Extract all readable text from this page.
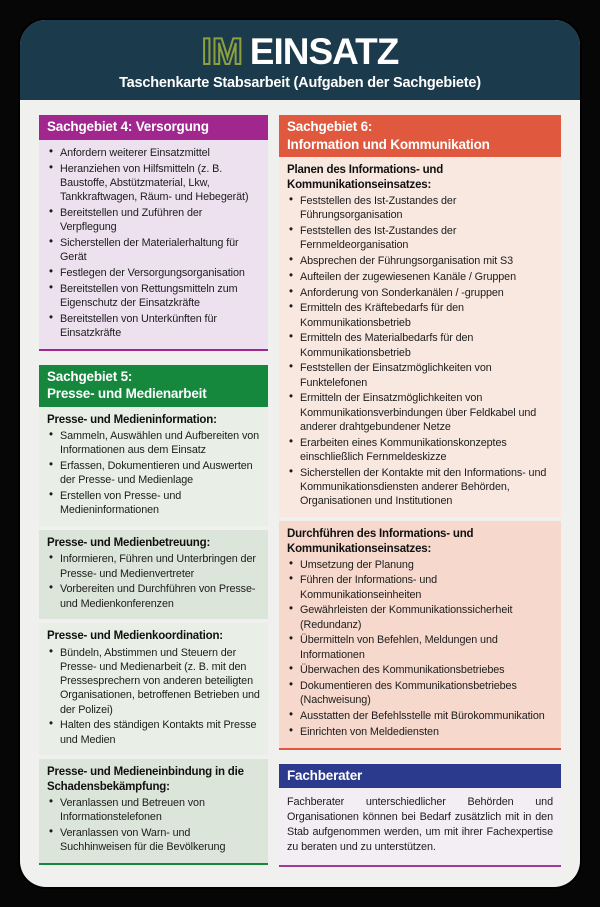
IM EINSATZ
Taschenkarte Stabsarbeit (Aufgaben der Sachgebiete)
Sachgebiet 4: Versorgung
• Anfordern weiterer Einsatzmittel
• Heranziehen von Hilfsmitteln (z. B. Baustoffe, Abstützmaterial, Lkw, Tankkraftwagen, Räum- und Hebegerät)
• Bereitstellen und Zuführen der Verpflegung
• Sicherstellen der Materialerhaltung für Gerät
• Festlegen der Versorgungsorganisation
• Bereitstellen von Rettungsmitteln zum Eigenschutz der Einsatzkräfte
• Bereitstellen von Unterkünften für Einsatzkräfte
Sachgebiet 5:
Presse- und Medienarbeit
Presse- und Medieninformation:
• Sammeln, Auswählen und Aufbereiten von Informationen aus dem Einsatz
• Erfassen, Dokumentieren und Auswerten der Presse- und Medienlage
• Erstellen von Presse- und Medieninformationen
Presse- und Medienbetreuung:
• Informieren, Führen und Unterbringen der Presse- und Medienvertreter
• Vorbereiten und Durchführen von Presse- und Medienkonferenzen
Presse- und Medienkoordination:
• Bündeln, Abstimmen und Steuern der Presse- und Medienarbeit (z. B. mit den Pressesprechern von anderen beteiligten Organisationen, betroffenen Betrieben und der Polizei)
• Halten des ständigen Kontakts mit Presse und Medien
Presse- und Medieneinbindung in die Schadensbekämpfung:
• Veranlassen und Betreuen von Informationstelefonen
• Veranlassen von Warn- und Suchhinweisen für die Bevölkerung
Sachgebiet 6:
Information und Kommunikation
Planen des Informations- und Kommunikationseinsatzes:
• Feststellen des Ist-Zustandes der Führungsorganisation
• Feststellen des Ist-Zustandes der Fernmeldeorganisation
• Absprechen der Führungsorganisation mit S3
• Aufteilen der zugewiesenen Kanäle / Gruppen
• Anforderung von Sonderkanälen / -gruppen
• Ermitteln des Kräftebedarfs für den Kommunikationsbetrieb
• Ermitteln des Materialbedarfs für den Kommunikationsbetrieb
• Feststellen der Einsatzmöglichkeiten von Funktelefonen
• Ermitteln der Einsatzmöglichkeiten von Kommunikationsverbindungen über Feldkabel und anderer drahtgebundener Netze
• Erarbeiten eines Kommunikationskonzeptes einschließlich Fernmeldeskizze
• Sicherstellen der Kontakte mit den Informations- und Kommunikationsdiensten anderer Behörden, Organisationen und Institutionen
Durchführen des Informations- und Kommunikationseinsatzes:
• Umsetzung der Planung
• Führen der Informations- und Kommunikationseinheiten
• Gewährleisten der Kommunikationssicherheit (Redundanz)
• Übermitteln von Befehlen, Meldungen und Informationen
• Überwachen des Kommunikationsbetriebes
• Dokumentieren des Kommunikationsbetriebes (Nachweisung)
• Ausstatten der Befehlsstelle mit Bürokommunikation
• Einrichten von Meldediensten
Fachberater

Fachberater unterschiedlicher Behörden und Organisationen können bei Bedarf zusätzlich mit in den Stab aufgenommen werden, um mit ihrer Fachexpertise zu beraten und zu unterstützen.
